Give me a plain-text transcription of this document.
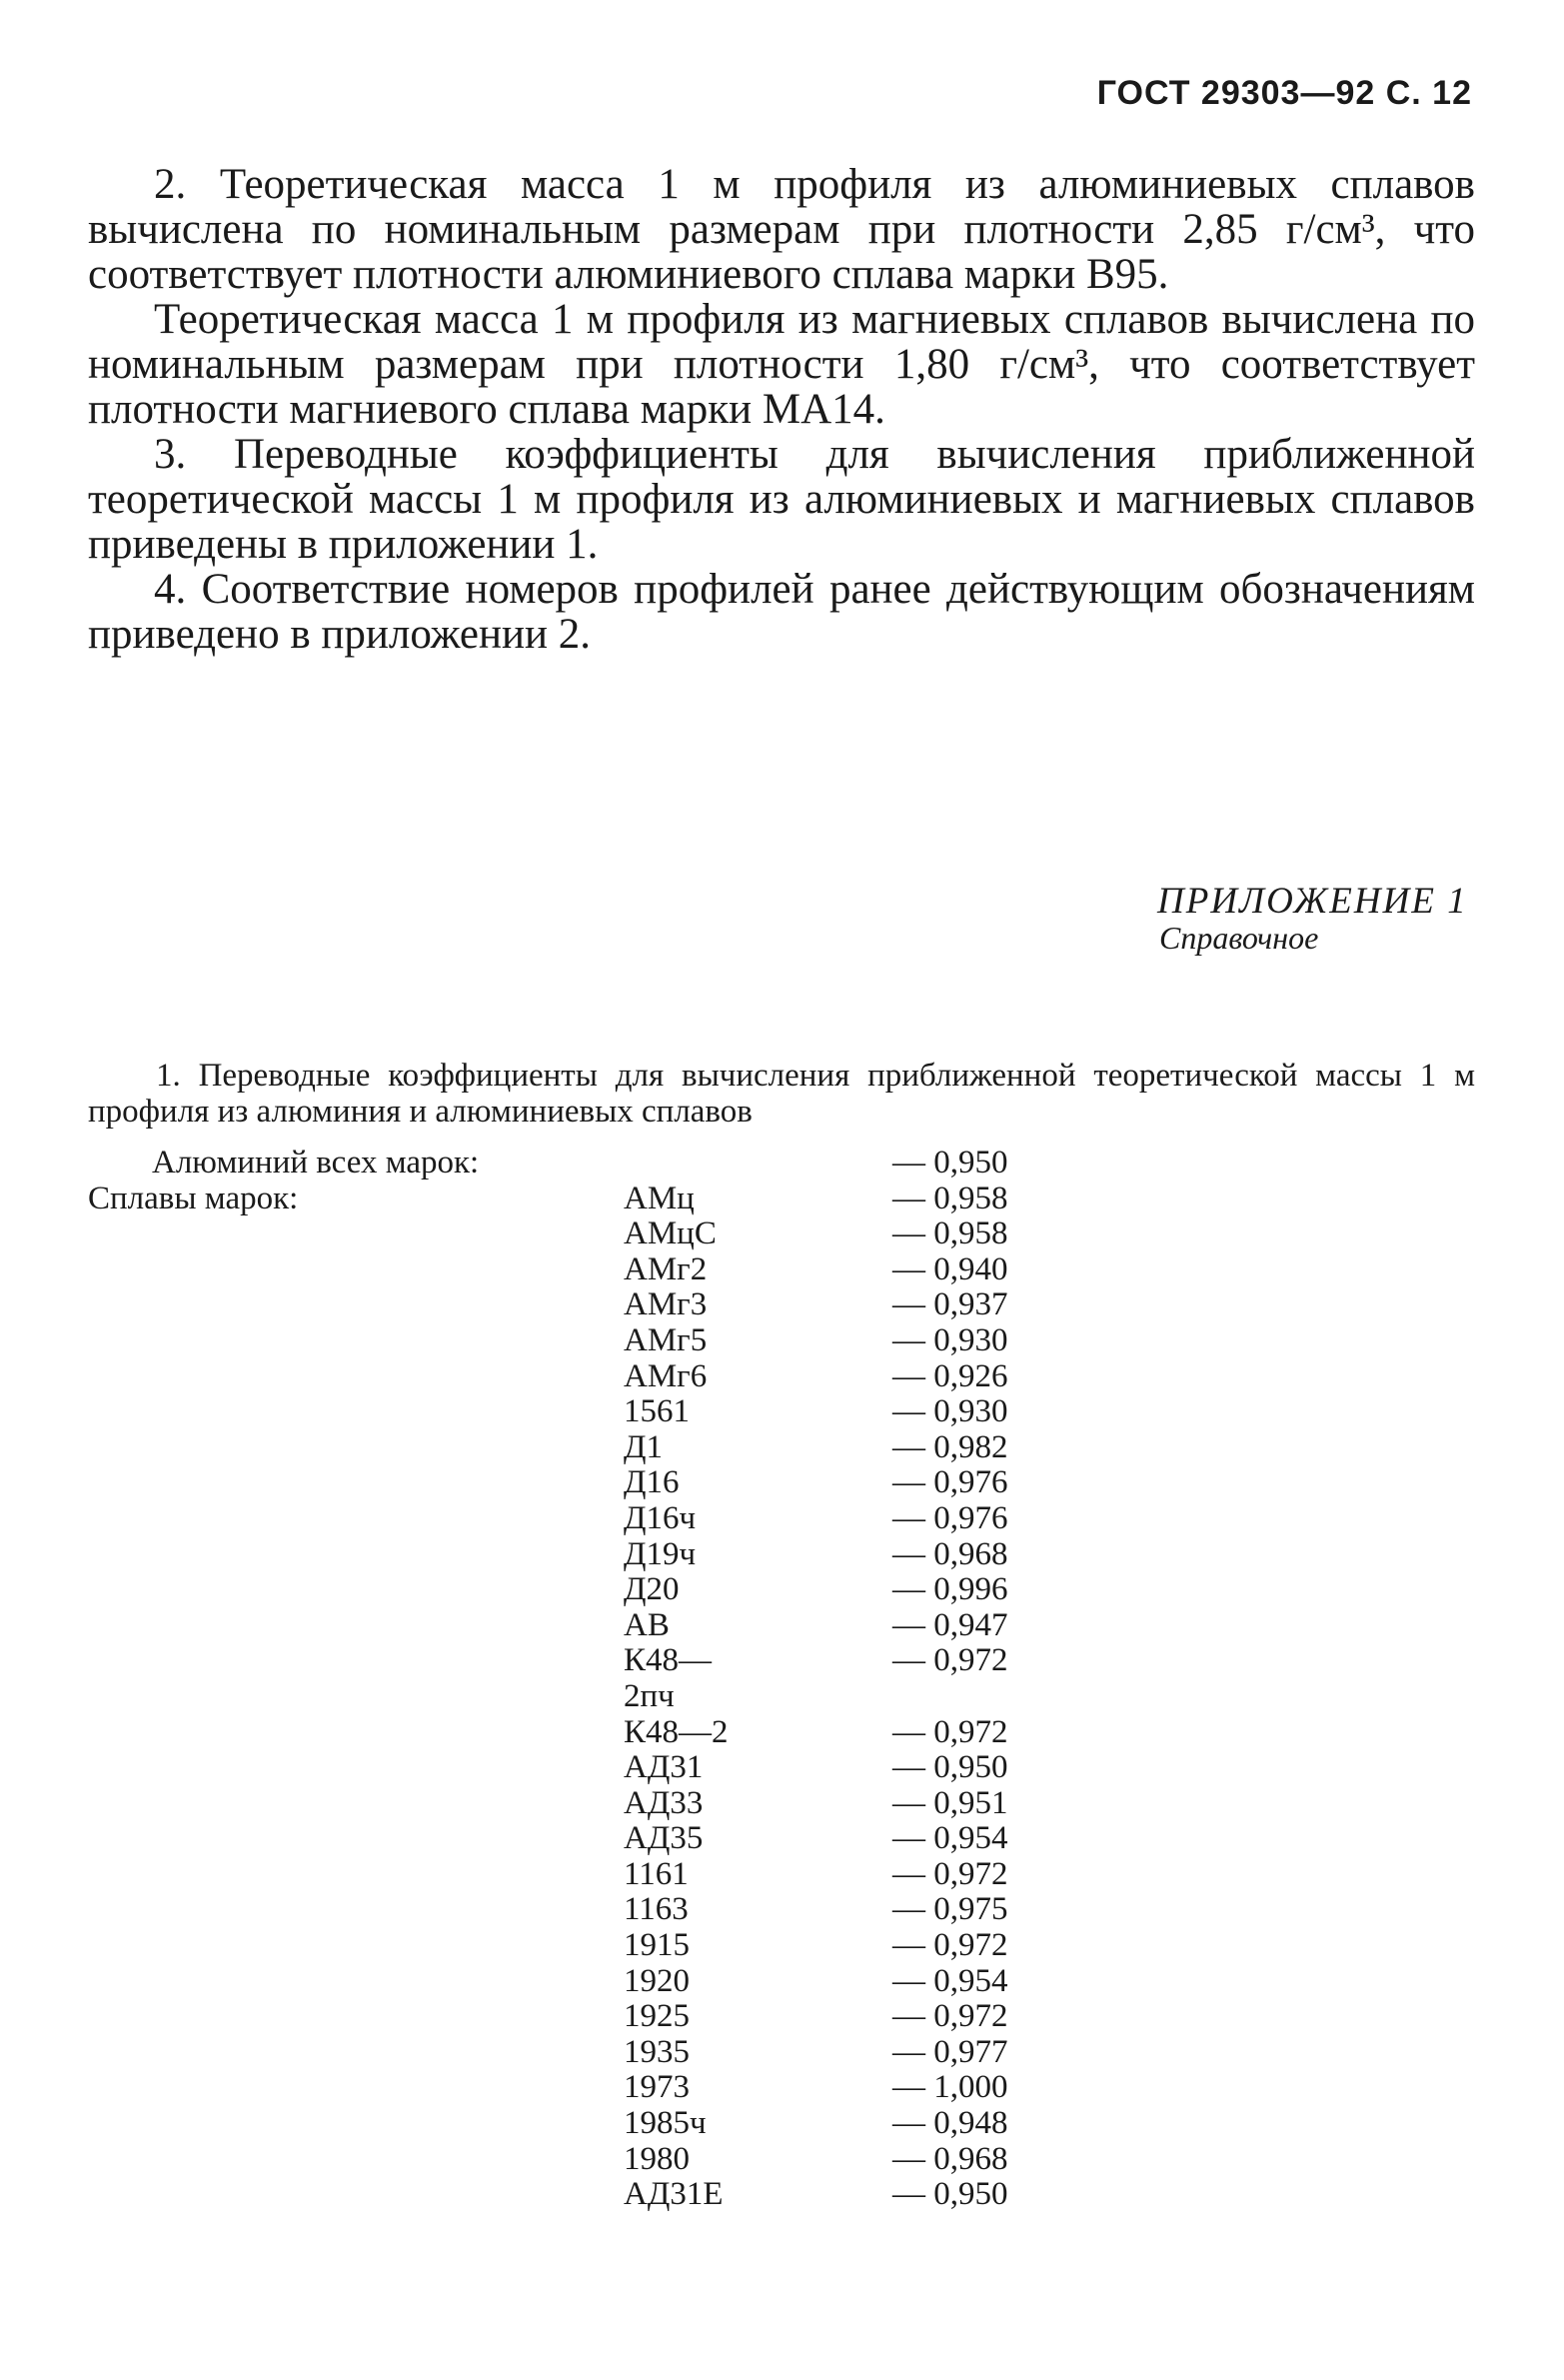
ГОСТ 29303—92 С. 12

2. Теоретическая масса 1 м профиля из алюминиевых сплавов вычислена по номинальным размерам при плотности 2,85 г/см³, что соответствует плотности алюминиевого сплава марки В95.

Теоретическая масса 1 м профиля из магниевых сплавов вычислена по номинальным размерам при плотности 1,80 г/см³, что соответствует плотности магниевого сплава марки МА14.

3. Переводные коэффициенты для вычисления приближенной теоретической массы 1 м профиля из алюминиевых и магниевых сплавов приведены в приложении 1.

4. Соответствие номеров профилей ранее действующим обозначениям приведено в приложении 2.

ПРИЛОЖЕНИЕ 1
Справочное
1. Переводные коэффициенты для вычисления приближенной теоретической массы 1 м профиля из алюминия и алюминиевых сплавов
Алюминий всех марок:	— 0,950
Сплавы марок:	АМц	— 0,958
АМцС	— 0,958
АМг2	— 0,940
АМг3	— 0,937
АМг5	— 0,930
АМг6	— 0,926
1561	— 0,930
Д1	— 0,982
Д16	— 0,976
Д16ч	— 0,976
Д19ч	— 0,968
Д20	— 0,996
АВ	— 0,947
К48—	— 0,972
2пч
К48—2	— 0,972
АД31	— 0,950
АД33	— 0,951
АД35	— 0,954
1161	— 0,972
1163	— 0,975
1915	— 0,972
1920	— 0,954
1925	— 0,972
1935	— 0,977
1973	— 1,000
1985ч	— 0,948
1980	— 0,968
АД31Е	— 0,950
